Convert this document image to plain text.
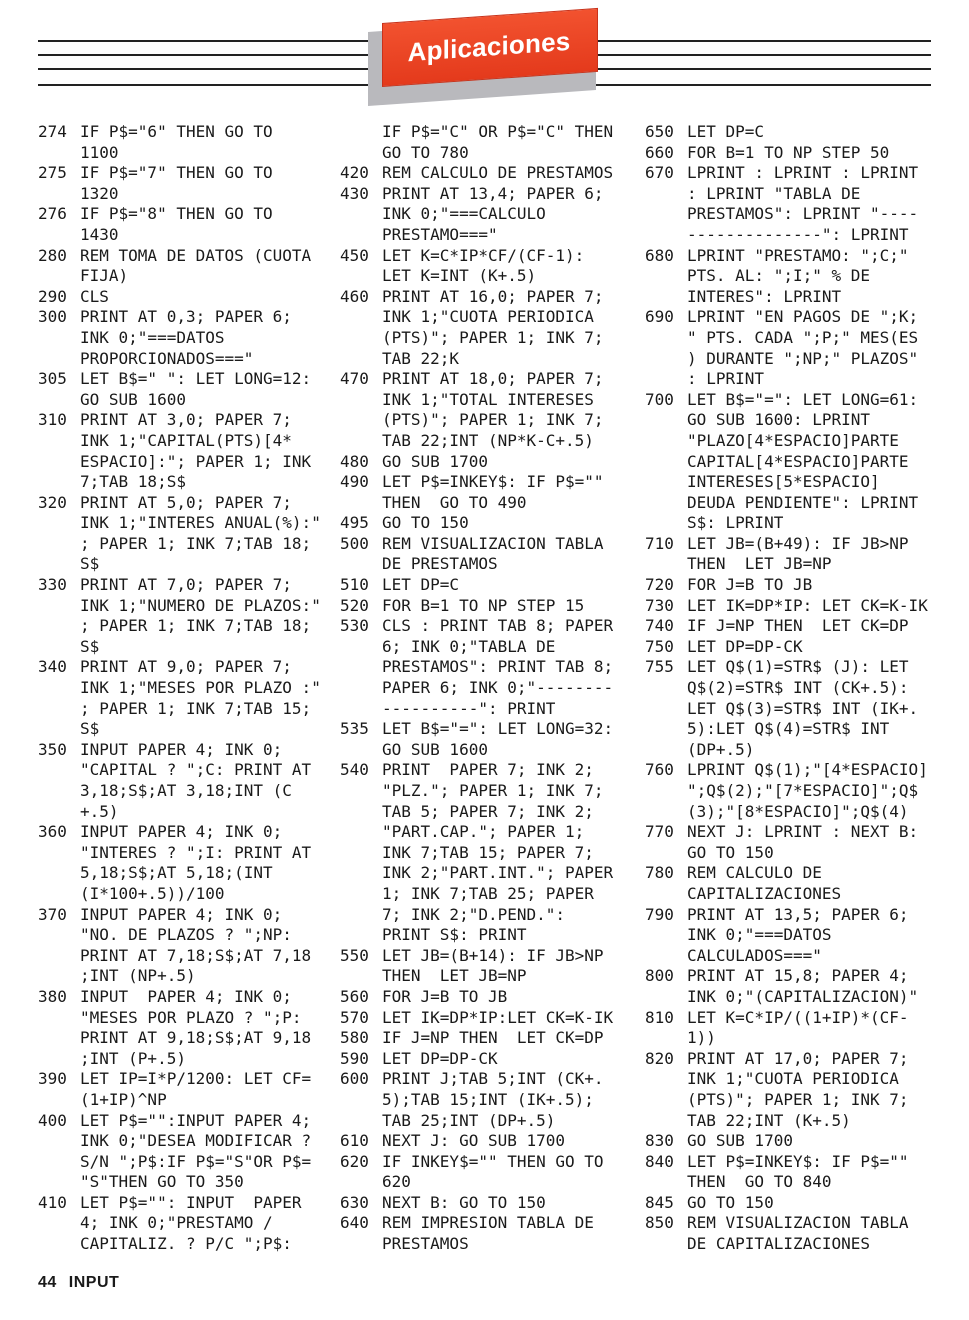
Aplicaciones
274 IF P$="6" THEN GO TO
1100
275 IF P$="7" THEN GO TO
1320
276 IF P$="8" THEN GO TO
1430
280 REM TOMA DE DATOS (CUOTA
FIJA)
290 CLS
300 PRINT AT 0,3; PAPER 6;
INK 0;"===DATOS
PROPORCIONADOS==="
305 LET B$=" ": LET LONG=12:
GO SUB 1600
310 PRINT AT 3,0; PAPER 7;
INK 1;"CAPITAL(PTS)[4*
ESPACIO]:"; PAPER 1; INK
7;TAB 18;S$
320 PRINT AT 5,0; PAPER 7;
INK 1;"INTERES ANUAL(%):"
; PAPER 1; INK 7;TAB 18;
S$
330 PRINT AT 7,0; PAPER 7;
INK 1;"NUMERO DE PLAZOS:"
; PAPER 1; INK 7;TAB 18;
S$
340 PRINT AT 9,0; PAPER 7;
INK 1;"MESES POR PLAZO :"
; PAPER 1; INK 7;TAB 15;
S$
350 INPUT PAPER 4; INK 0;
"CAPITAL ? ";C: PRINT AT
3,18;S$;AT 3,18;INT (C
+.5)
360 INPUT PAPER 4; INK 0;
"INTERES ? ";I: PRINT AT
5,18;S$;AT 5,18;(INT
(I*100+.5))/100
370 INPUT PAPER 4; INK 0;
"NO. DE PLAZOS ? ";NP:
PRINT AT 7,18;S$;AT 7,18
;INT (NP+.5)
380 INPUT  PAPER 4; INK 0;
"MESES POR PLAZO ? ";P:
PRINT AT 9,18;S$;AT 9,18
;INT (P+.5)
390 LET IP=I*P/1200: LET CF=
(1+IP)^NP
400 LET P$="":INPUT PAPER 4;
INK 0;"DESEA MODIFICAR ?
S/N ";P$:IF P$="S"OR P$=
"S"THEN GO TO 350
410 LET P$="": INPUT  PAPER
4; INK 0;"PRESTAMO /
CAPITALIZ. ? P/C ";P$:
IF P$="C" OR P$="C" THEN
GO TO 780
420 REM CALCULO DE PRESTAMOS
430 PRINT AT 13,4; PAPER 6;
INK 0;"===CALCULO
PRESTAMO==="
450 LET K=C*IP*CF/(CF-1):
LET K=INT (K+.5)
460 PRINT AT 16,0; PAPER 7;
INK 1;"CUOTA PERIODICA
(PTS)"; PAPER 1; INK 7;
TAB 22;K
470 PRINT AT 18,0; PAPER 7;
INK 1;"TOTAL INTERESES
(PTS)"; PAPER 1; INK 7;
TAB 22;INT (NP*K-C+.5)
480 GO SUB 1700
490 LET P$=INKEY$: IF P$=""
THEN  GO TO 490
495 GO TO 150
500 REM VISUALIZACION TABLA
DE PRESTAMOS
510 LET DP=C
520 FOR B=1 TO NP STEP 15
530 CLS : PRINT TAB 8; PAPER
6; INK 0;"TABLA DE
PRESTAMOS": PRINT TAB 8;
PAPER 6; INK 0;"--------
----------": PRINT
535 LET B$="=": LET LONG=32:
GO SUB 1600
540 PRINT  PAPER 7; INK 2;
"PLZ."; PAPER 1; INK 7;
TAB 5; PAPER 7; INK 2;
"PART.CAP."; PAPER 1;
INK 7;TAB 15; PAPER 7;
INK 2;"PART.INT."; PAPER
1; INK 7;TAB 25; PAPER
7; INK 2;"D.PEND.":
PRINT S$: PRINT
550 LET JB=(B+14): IF JB>NP
THEN  LET JB=NP
560 FOR J=B TO JB
570 LET IK=DP*IP:LET CK=K-IK
580 IF J=NP THEN  LET CK=DP
590 LET DP=DP-CK
600 PRINT J;TAB 5;INT (CK+.
5);TAB 15;INT (IK+.5);
TAB 25;INT (DP+.5)
610 NEXT J: GO SUB 1700
620 IF INKEY$="" THEN GO TO
620
630 NEXT B: GO TO 150
640 REM IMPRESION TABLA DE
PRESTAMOS
650 LET DP=C
660 FOR B=1 TO NP STEP 50
670 LPRINT : LPRINT : LPRINT
: LPRINT "TABLA DE
PRESTAMOS": LPRINT "----
--------------": LPRINT
680 LPRINT "PRESTAMO: ";C;"
PTS. AL: ";I;" % DE
INTERES": LPRINT
690 LPRINT "EN PAGOS DE ";K;
" PTS. CADA ";P;" MES(ES
) DURANTE ";NP;" PLAZOS"
: LPRINT
700 LET B$="=": LET LONG=61:
GO SUB 1600: LPRINT
"PLAZO[4*ESPACIO]PARTE
CAPITAL[4*ESPACIO]PARTE
INTERESES[5*ESPACIO]
DEUDA PENDIENTE": LPRINT
S$: LPRINT
710 LET JB=(B+49): IF JB>NP
THEN  LET JB=NP
720 FOR J=B TO JB
730 LET IK=DP*IP: LET CK=K-IK
740 IF J=NP THEN  LET CK=DP
750 LET DP=DP-CK
755 LET Q$(1)=STR$ (J): LET
Q$(2)=STR$ INT (CK+.5):
LET Q$(3)=STR$ INT (IK+.
5):LET Q$(4)=STR$ INT
(DP+.5)
760 LPRINT Q$(1);"[4*ESPACIO]
";Q$(2);"[7*ESPACIO]";Q$
(3);"[8*ESPACIO]";Q$(4)
770 NEXT J: LPRINT : NEXT B:
GO TO 150
780 REM CALCULO DE
CAPITALIZACIONES
790 PRINT AT 13,5; PAPER 6;
INK 0;"===DATOS
CALCULADOS==="
800 PRINT AT 15,8; PAPER 4;
INK 0;"(CAPITALIZACION)"
810 LET K=C*IP/((1+IP)*(CF-
1))
820 PRINT AT 17,0; PAPER 7;
INK 1;"CUOTA PERIODICA
(PTS)"; PAPER 1; INK 7;
TAB 22;INT (K+.5)
830 GO SUB 1700
840 LET P$=INKEY$: IF P$=""
THEN  GO TO 840
845 GO TO 150
850 REM VISUALIZACION TABLA
DE CAPITALIZACIONES
44 INPUT
